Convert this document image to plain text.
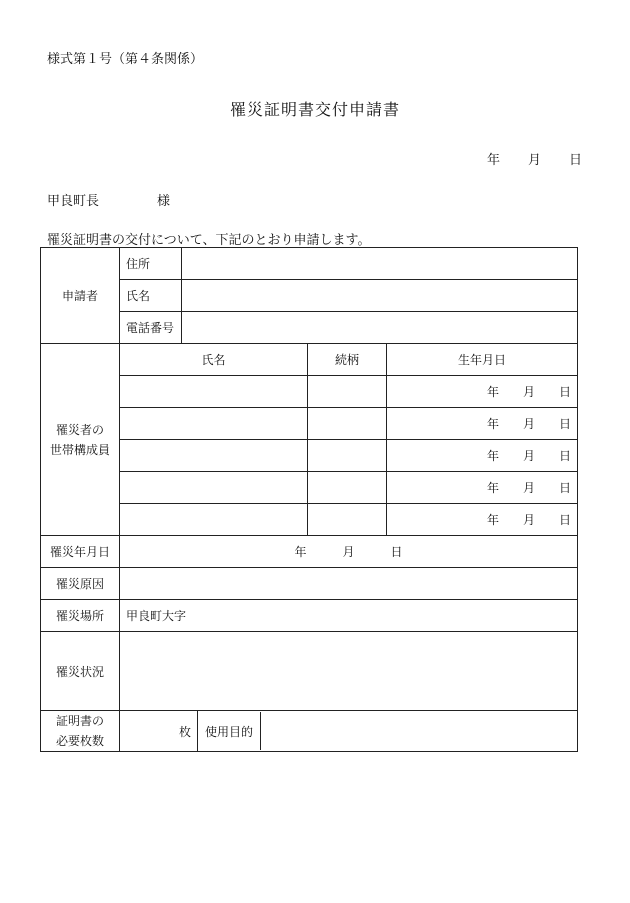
様式第１号（第４条関係）
罹災証明書交付申請書
年 月 日
甲良町長	様
罹災証明書の交付について、下記のとおり申請します。
申請者	住所				
	氏名				
	電話番号				
罹災者の
世帯構成員	氏名			続柄	生年月日
					年 月 日
					年 月 日
					年 月 日
					年 月 日
					年 月 日
罹災年月日	年 月 日				
罹災原因					
罹災場所	甲良町大字				
罹災状況					
証明書の
必要枚数	枚		使用目的		
